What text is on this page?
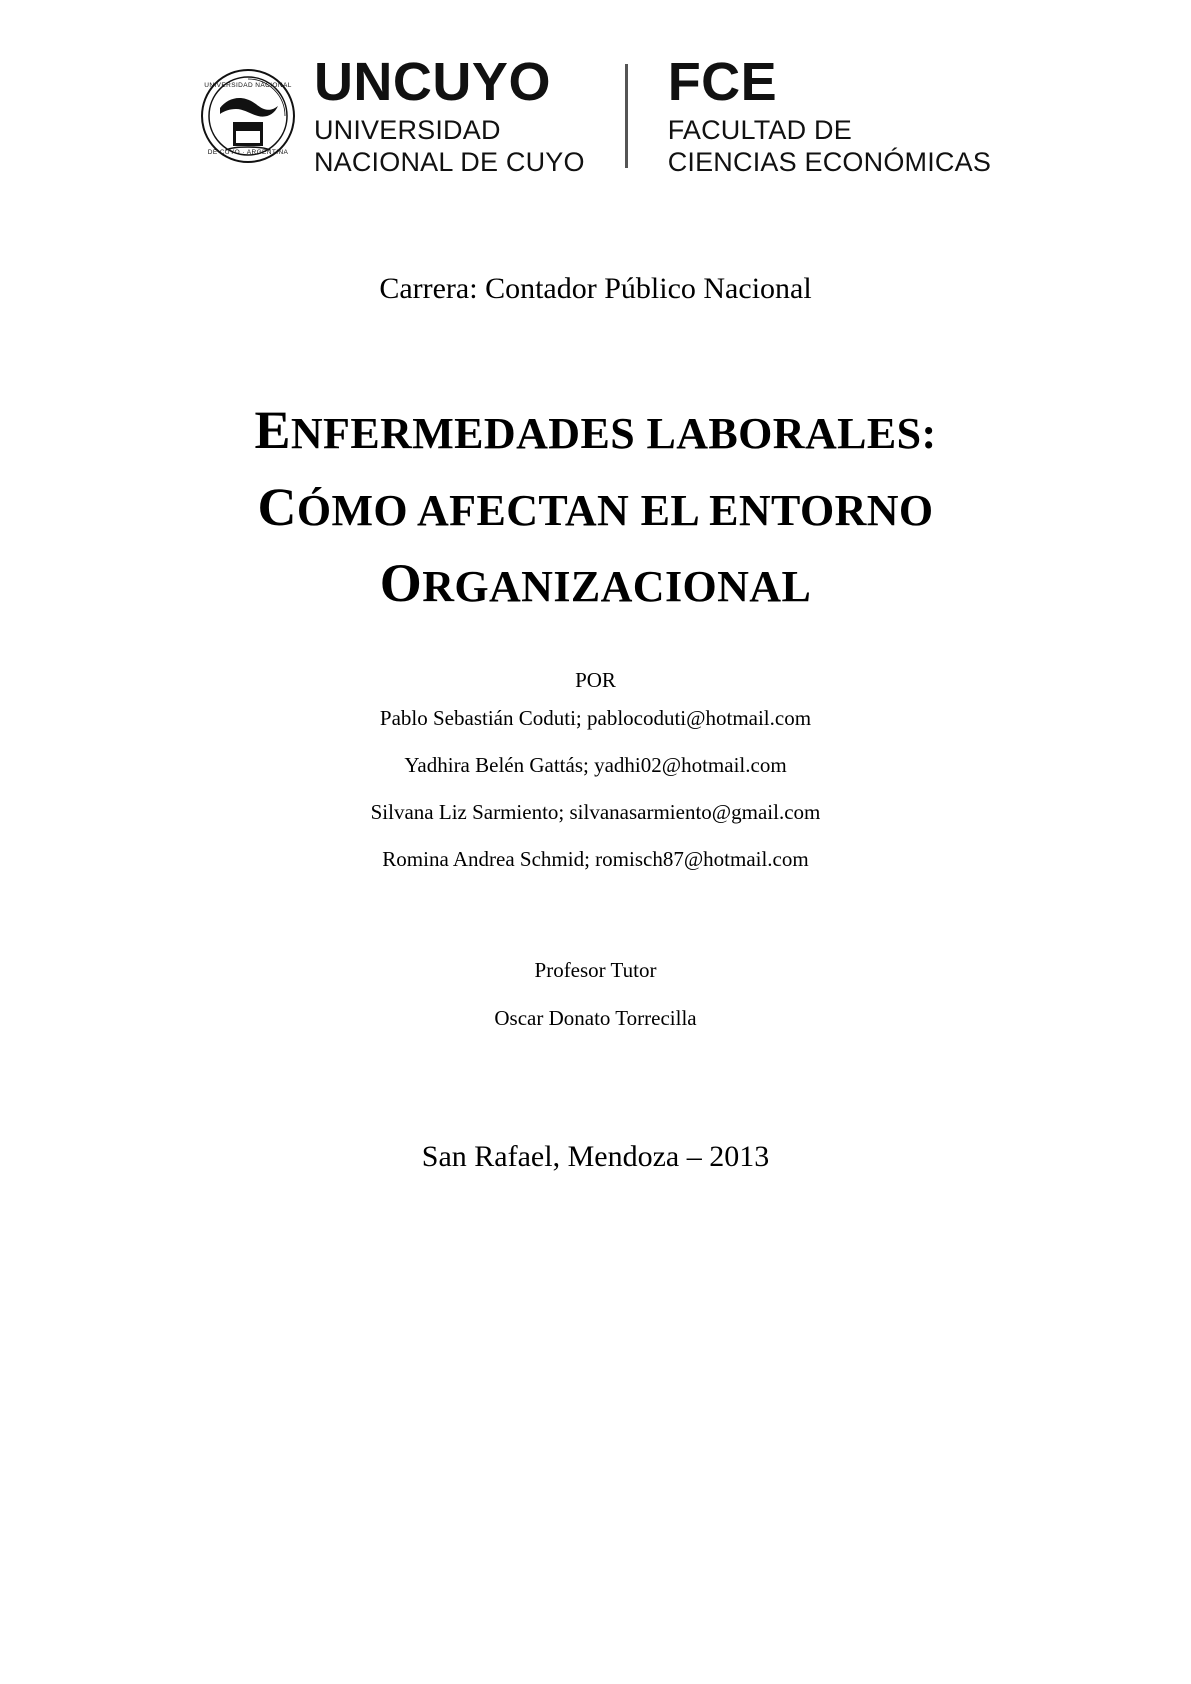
UNIVERSIDAD NACIONAL
DE CUYO · ARGENTINA
UNCUYO
UNIVERSIDAD
NACIONAL DE CUYO
FCE
FACULTAD DE
CIENCIAS ECONÓMICAS
Carrera: Contador Público Nacional
ENFERMEDADES LABORALES:
CÓMO AFECTAN EL ENTORNO
ORGANIZACIONAL
POR
Pablo Sebastián Coduti; pablocoduti@hotmail.com
Yadhira Belén Gattás; yadhi02@hotmail.com
Silvana Liz Sarmiento; silvanasarmiento@gmail.com
Romina Andrea Schmid; romisch87@hotmail.com
Profesor Tutor
Oscar Donato Torrecilla
San Rafael, Mendoza – 2013
